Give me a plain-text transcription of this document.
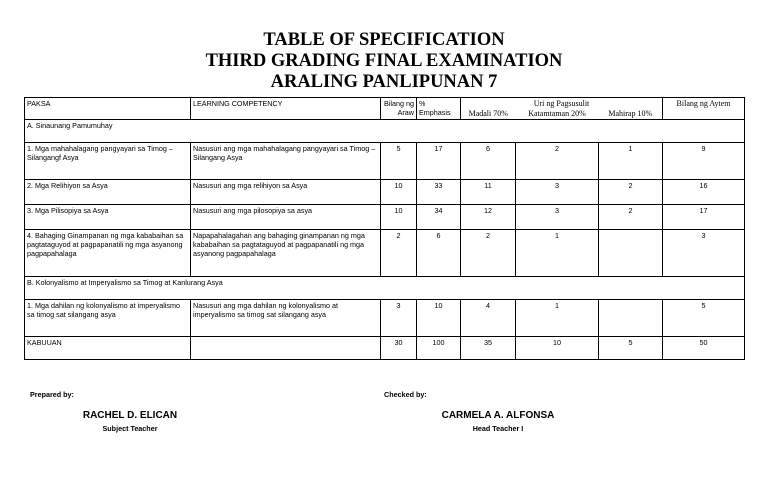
TABLE OF SPECIFICATION
THIRD GRADING FINAL EXAMINATION
ARALING PANLIPUNAN 7
PAKSA	LEARNING COMPETENCY	Bilang ng Araw	% Emphasis	Uri ng Pagsusulit			Bilang ng Aytem
				Madali 70%	Katamtaman 20%	Mahirap 10%	
A. Sinaunang Pamumuhay							
1. Mga mahahalagang pangyayari sa Timog – Silangangf Asya	Nasusuri ang mga mahahalagang pangyayari sa Timog – Silangang Asya	5	17	6	2	1	9
2. Mga Relihiyon sa Asya	Nasusuri ang mga relihiyon sa Asya	10	33	11	3	2	16
3. Mga Pilisopiya sa Asya	Nasusuri ang mga pilosopiya sa asya	10	34	12	3	2	17
4. Bahaging Ginampanan ng mga kababaihan sa pagtataguyod at pagpapanatili ng mga asyanong pagpapahalaga	Napapahalagahan ang bahaging ginampanan ng mga kababaihan sa pagtataguyod at pagpapanatili ng mga asyanong pagpapahalaga	2	6	2	1		3
B. Kolonyalismo at Imperyalismo sa Timog at Kanlurang Asya							
1. Mga dahilan ng kolonyalismo at imperyalismo sa timog sat silangang asya	Nasusuri ang mga dahilan ng kolonyalismo at imperyalismo sa timog sat silangang asya	3	10	4	1		5
KABUUAN		30	100	35	10	5	50
Prepared by:
RACHEL D. ELICAN
Subject Teacher
Checked by:
CARMELA A. ALFONSA
Head Teacher I
